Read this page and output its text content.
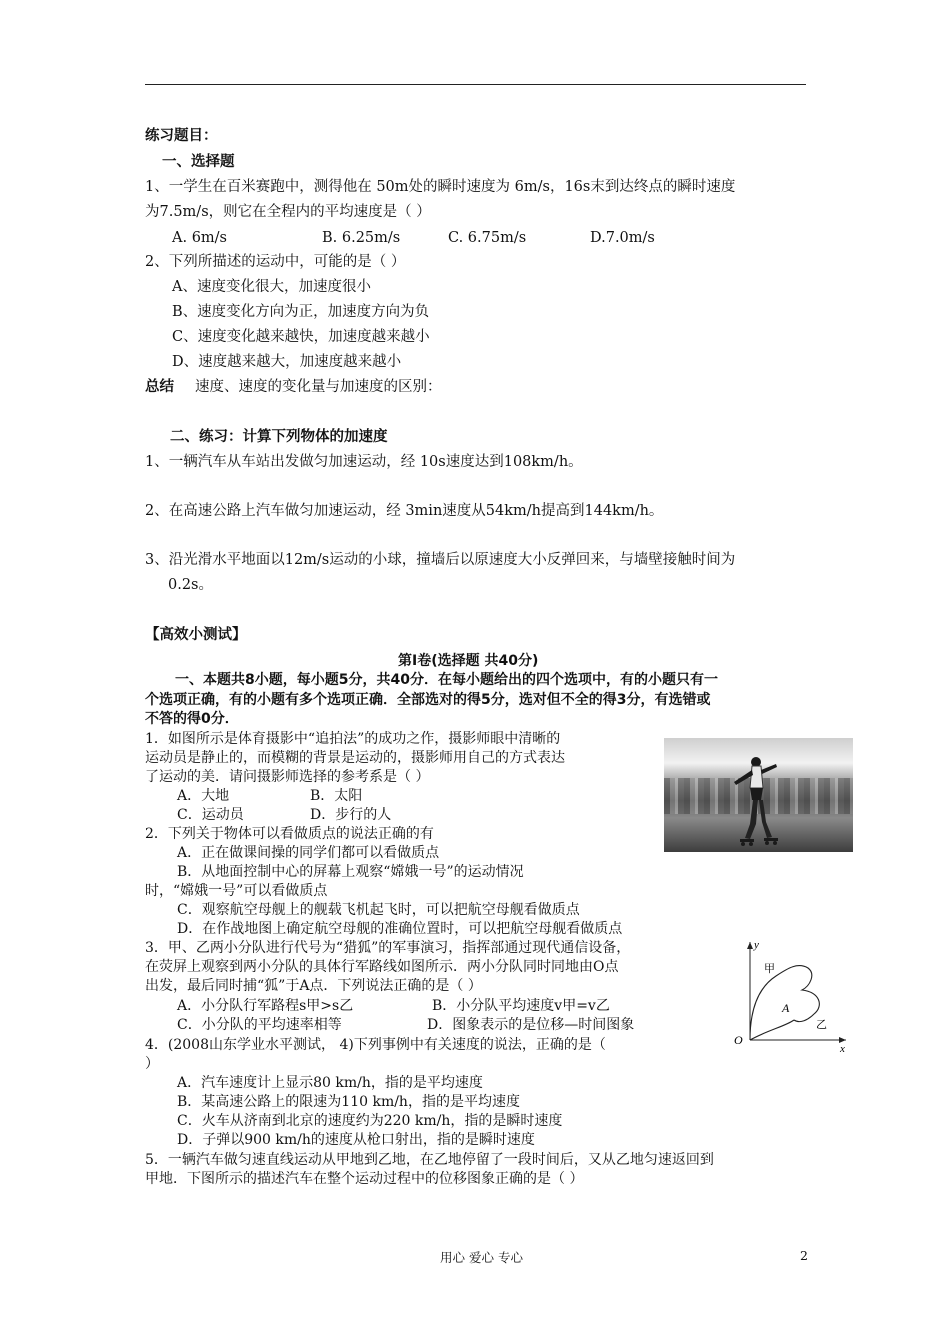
练习题目：
一、选择题
1、一学生在百米赛跑中，测得他在 50m处的瞬时速度为 6m/s，16s末到达终点的瞬时速度
为7.5m/s，则它在全程内的平均速度是（ ）
A. 6m/s	B. 6.25m/s	C. 6.75m/s	D.7.0m/s
2、下列所描述的运动中，可能的是（ ）
A、速度变化很大，加速度很小
B、速度变化方向为正，加速度方向为负
C、速度变化越来越快，加速度越来越小
D、速度越来越大，加速度越来越小
总结 速度、速度的变化量与加速度的区别：
二、练习：计算下列物体的加速度
1、一辆汽车从车站出发做匀加速运动，经 10s速度达到108km/h。
2、在高速公路上汽车做匀加速运动，经 3min速度从54km/h提高到144km/h。
3、沿光滑水平地面以12m/s运动的小球，撞墙后以原速度大小反弹回来，与墙壁接触时间为
0.2s。
【高效小测试】
第Ⅰ卷(选择题 共40分)
一、本题共8小题，每小题5分，共40分．在每小题给出的四个选项中，有的小题只有一
个选项正确，有的小题有多个选项正确．全部选对的得5分，选对但不全的得3分，有选错或
不答的得0分．
1．如图所示是体育摄影中“追拍法”的成功之作，摄影师眼中清晰的
运动员是静止的，而模糊的背景是运动的，摄影师用自己的方式表达
了运动的美．请问摄影师选择的参考系是（ ）
A．大地	B．太阳
C．运动员	D．步行的人
2．下列关于物体可以看做质点的说法正确的有
A．正在做课间操的同学们都可以看做质点
B．从地面控制中心的屏幕上观察“嫦娥一号”的运动情况
时，“嫦娥一号”可以看做质点
C．观察航空母舰上的舰载飞机起飞时，可以把航空母舰看做质点
D．在作战地图上确定航空母舰的准确位置时，可以把航空母舰看做质点
3．甲、乙两小分队进行代号为“猎狐”的军事演习，指挥部通过现代通信设备，
在荧屏上观察到两小分队的具体行军路线如图所示．两小分队同时同地由O点
出发，最后同时捕“狐”于A点．下列说法正确的是（ ）
A．小分队行军路程s甲>s乙	B．小分队平均速度v甲=v乙
C．小分队的平均速率相等	D．图象表示的是位移—时间图象
y
x
O
A
甲
乙
4．(2008山东学业水平测试， 4)下列事例中有关速度的说法，正确的是（
）
A．汽车速度计上显示80 km/h，指的是平均速度
B．某高速公路上的限速为110 km/h，指的是平均速度
C．火车从济南到北京的速度约为220 km/h，指的是瞬时速度
D．子弹以900 km/h的速度从枪口射出，指的是瞬时速度
5．一辆汽车做匀速直线运动从甲地到乙地，在乙地停留了一段时间后，又从乙地匀速返回到
甲地．下图所示的描述汽车在整个运动过程中的位移图象正确的是（ ）
用心 爱心 专心	2
